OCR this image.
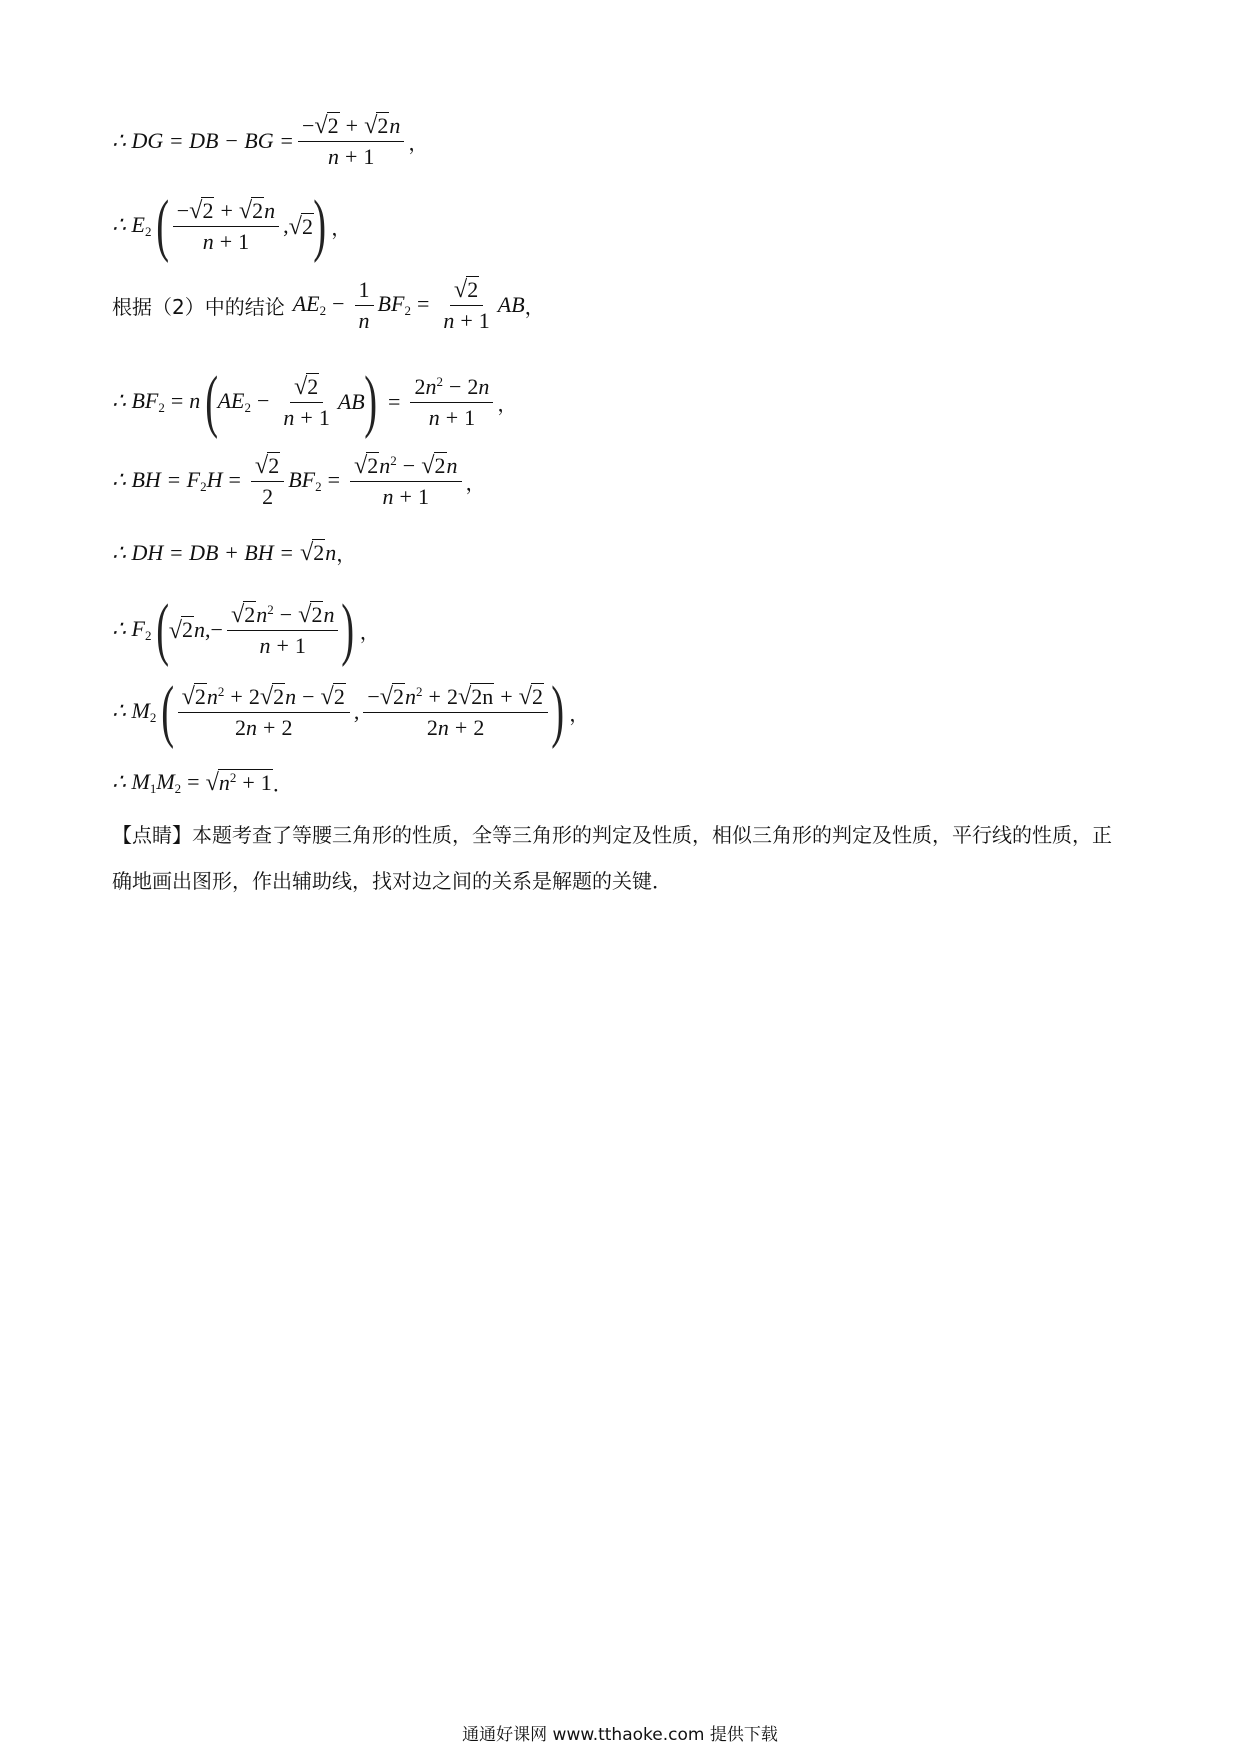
∴ DG = DB − BG = $\frac{- √ 2 + √ 2 n}{n + 1}$ ，
∴ $E_2$ ( $\frac{- √ 2 + √ 2 n}{n + 1}$ , √ 2 ) ，
根据（2）中的结论 $AE_2 - \frac{1}{n} BF_2 = \frac{√ 2}{n + 1}$ AB ，
∴ $BF_2 = n$ ( $AE_2 - \frac{√ 2}{n + 1}$ AB ) = $\frac{2n^2 - 2n}{n + 1}$ ，
∴ BH = $F_2H = \frac{√ 2}{2} BF_2 = \frac{√ 2 n^2 - √ 2 n}{n + 1}$ ，
∴ DH = DB + BH = √ 2 n ，
∴ $F_2$ ( √ 2 $n,- \frac{√ 2 n^2 - √ 2 n}{n + 1}$ ) ，
∴ $M_2$ ( $\frac{√ 2 n^2 + 2 √ 2 n - √ 2}{2n + 2}$ , $\frac{- √ 2 n^2 + 2 √ 2n + √ 2}{2n + 2}$ ) ，
∴ $M_1M_2$ = √ $n^2 + 1$ ．
【点睛】本题考查了等腰三角形的性质，全等三角形的判定及性质，相似三角形的判定及性质，平行线的性质，正确地画出图形，作出辅助线，找对边之间的关系是解题的关键．
通通好课网 www.tthaoke.com 提供下载
